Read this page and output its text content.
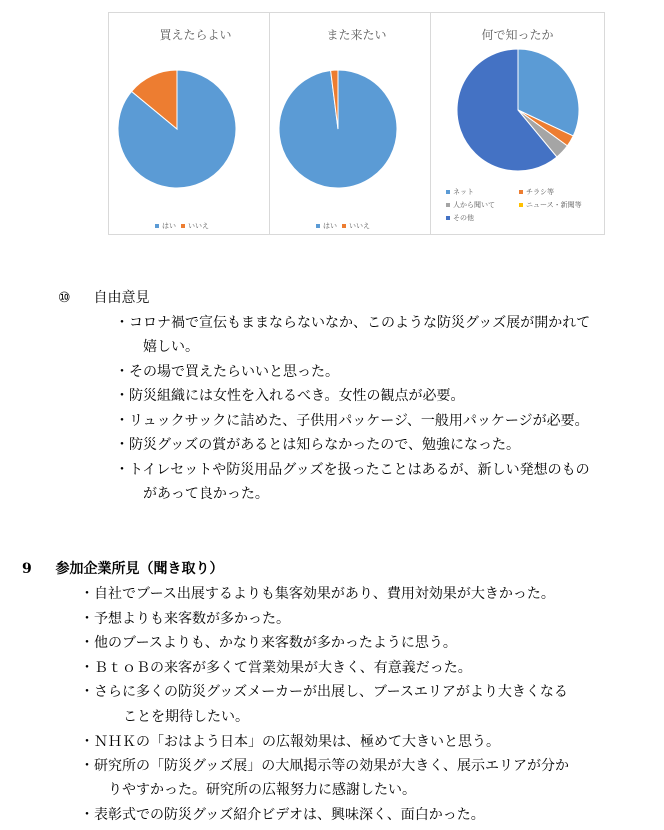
買えたらよい
はい	いいえ
また来たい
はい	いいえ
何で知ったか
ネット	チラシ等
人から聞いて	ニュース・新聞等
その他
⑩ 自由意見
・コロナ禍で宣伝もままならないなか、このような防災グッズ展が開かれて
嬉しい。
・その場で買えたらいいと思った。
・防災組織には女性を入れるべき。女性の観点が必要。
・リュックサックに詰めた、子供用パッケージ、一般用パッケージが必要。
・防災グッズの賞があるとは知らなかったので、勉強になった。
・トイレセットや防災用品グッズを扱ったことはあるが、新しい発想のもの
があって良かった。
9 参加企業所見（聞き取り）
・自社でブース出展するよりも集客効果があり、費用対効果が大きかった。
・予想よりも来客数が多かった。
・他のブースよりも、かなり来客数が多かったように思う。
・ＢｔｏＢの来客が多くて営業効果が大きく、有意義だった。
・さらに多くの防災グッズメーカーが出展し、ブースエリアがより大きくなる
ことを期待したい。
・ＮＨＫの「おはよう日本」の広報効果は、極めて大きいと思う。
・研究所の「防災グッズ展」の大凧掲示等の効果が大きく、展示エリアが分か
りやすかった。研究所の広報努力に感謝したい。
・表彰式での防災グッズ紹介ビデオは、興味深く、面白かった。
